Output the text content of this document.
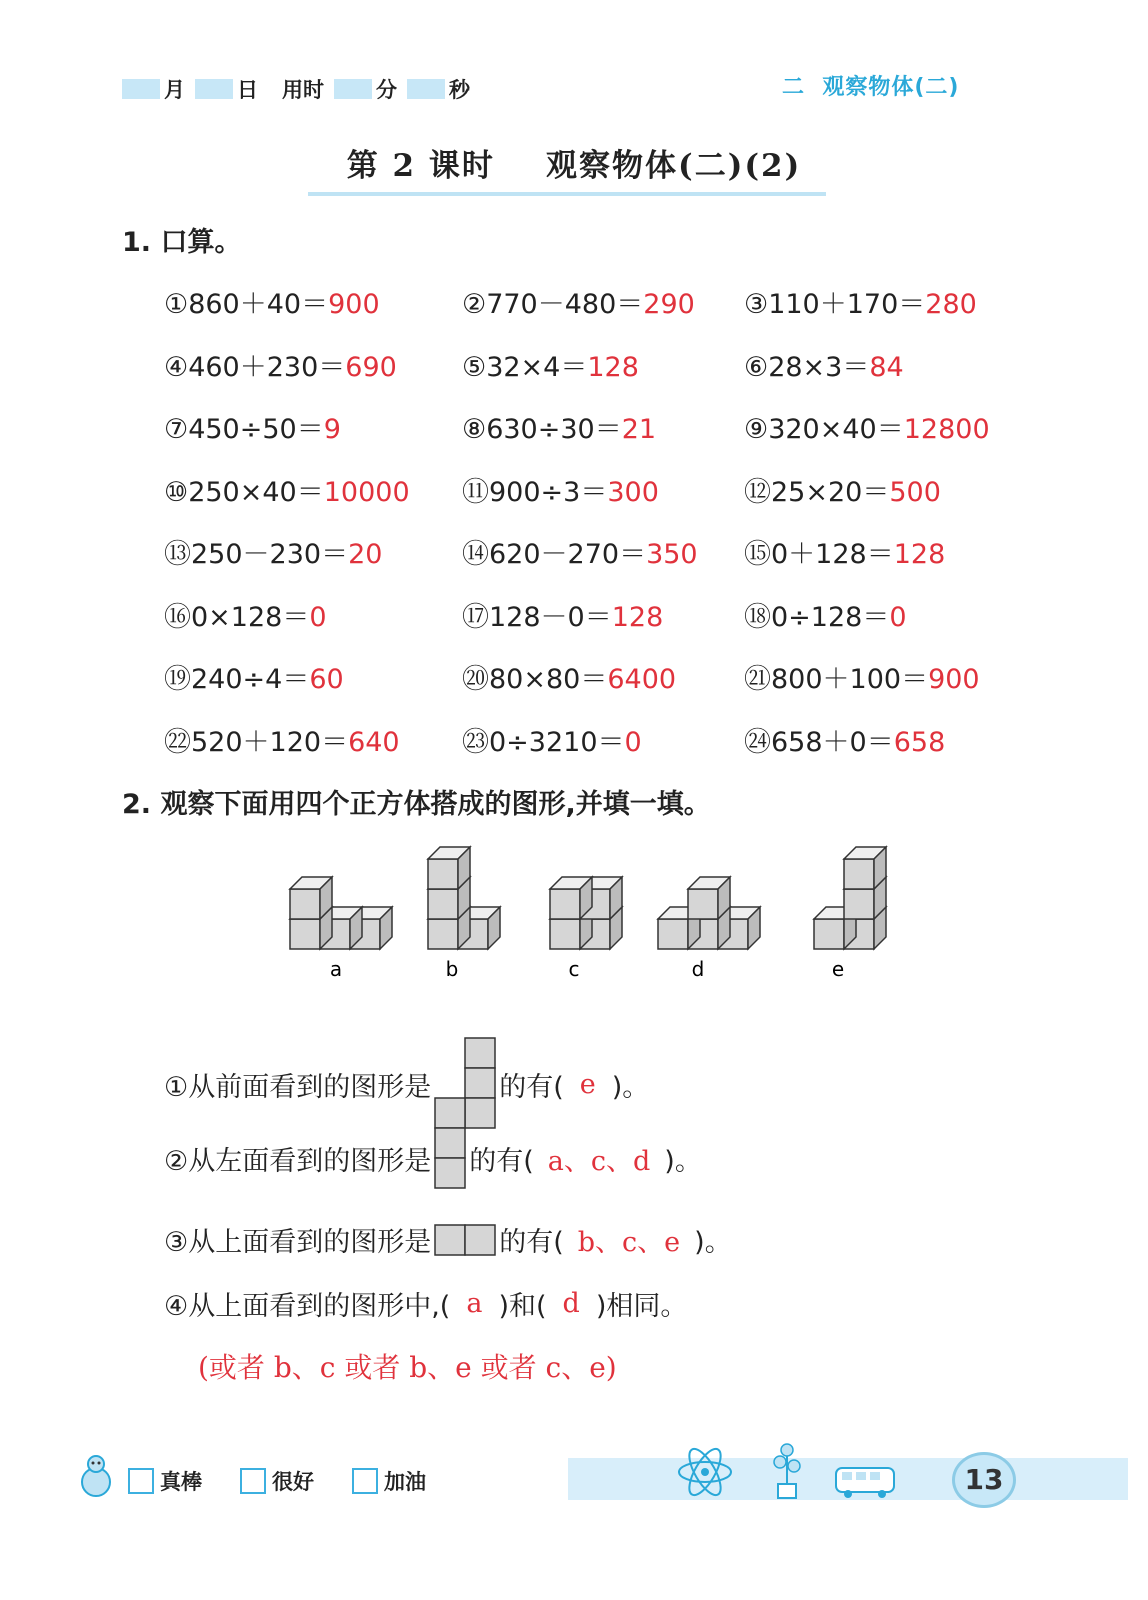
月 日 用时 分 秒	二  观察物体(二)
第 2 课时    观察物体(二)(2)
1. 口算。
①860＋40＝900	②770－480＝290 ③110＋170＝280
④460＋230＝690 ⑤32×4＝128	⑥28×3＝84
⑦450÷50＝9	⑧630÷30＝21	⑨320×40＝12800
⑩250×40＝10000 ⑪900÷3＝300	⑫25×20＝500
⑬250－230＝20	⑭620－270＝350 ⑮0＋128＝128
⑯0×128＝0	⑰128－0＝128	⑱0÷128＝0
⑲240÷4＝60	⑳80×80＝6400	㉑800＋100＝900
㉒520＋120＝640 ㉓0÷3210＝0	㉔658＋0＝658
2. 观察下面用四个正方体搭成的图形,并填一填。
a	b	c	d	e
①从前面看到的图形是	的有( e )。
②从左面看到的图形是 的有( a、c、d )。
③从上面看到的图形是	的有( b、c、e )。
④从上面看到的图形中,( a )和( d )相同。
(或者 b、c 或者 b、e 或者 c、e)
真棒	很好	加油	13
